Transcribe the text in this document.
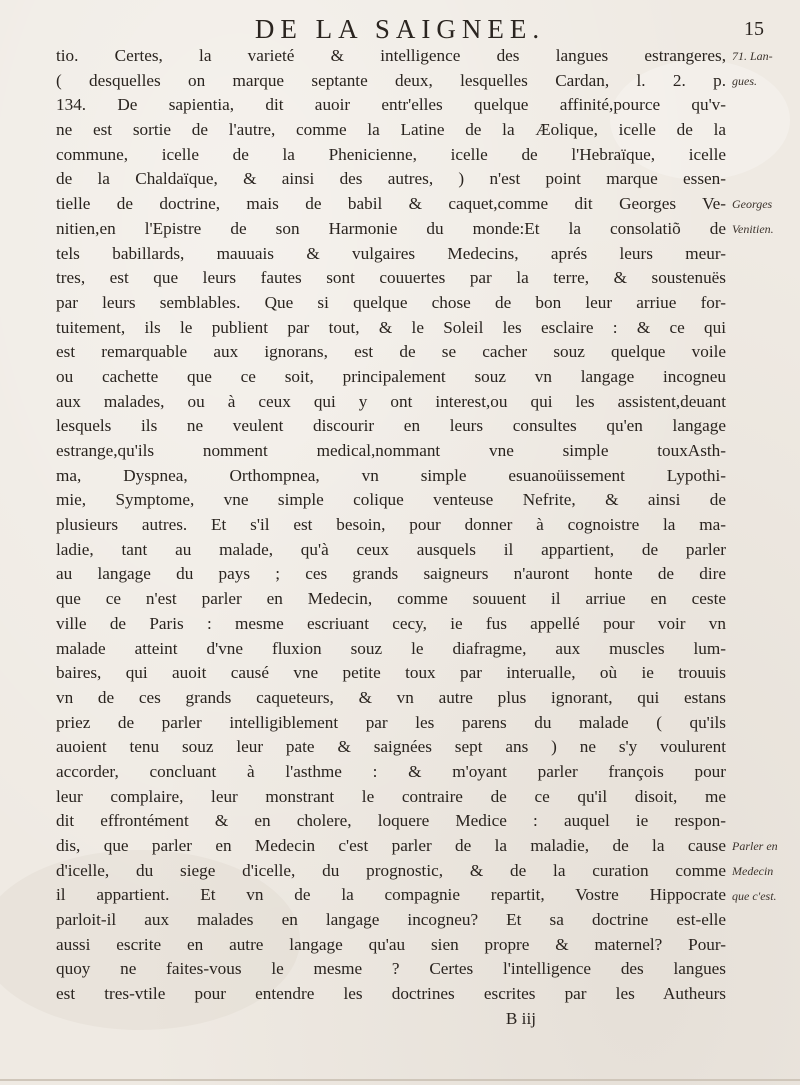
DE LA SAIGNEE.	15
tio. Certes, la varieté & intelligence des langues estrangeres,
( desquelles on marque septante deux, lesquelles Cardan, l. 2. p.
134. De sapientia, dit auoir entr'elles quelque affinité,pource qu'v-
ne est sortie de l'autre, comme la Latine de la Æolique, icelle de la
commune, icelle de la Phenicienne, icelle de l'Hebraïque, icelle
de la Chaldaïque, & ainsi des autres, ) n'est point marque essen-
tielle de doctrine, mais de babil & caquet,comme dit Georges Ve-
nitien,en l'Epistre de son Harmonie du monde:Et la consolatiõ de
tels babillards, mauuais & vulgaires Medecins, aprés leurs meur-
tres, est que leurs fautes sont couuertes par la terre, & soustenuës
par leurs semblables. Que si quelque chose de bon leur arriue for-
tuitement, ils le publient par tout, & le Soleil les esclaire : & ce qui
est remarquable aux ignorans, est de se cacher souz quelque voile
ou cachette que ce soit, principalement souz vn langage incogneu
aux malades, ou à ceux qui y ont interest,ou qui les assistent,deuant
lesquels ils ne veulent discourir en leurs consultes qu'en langage
estrange,qu'ils nomment medical,nommant vne simple touxAsth-
ma, Dyspnea, Orthompnea, vn simple esuanoüissement Lypothi-
mie, Symptome, vne simple colique venteuse Nefrite, & ainsi de
plusieurs autres. Et s'il est besoin, pour donner à cognoistre la ma-
ladie, tant au malade, qu'à ceux ausquels il appartient, de parler
au langage du pays ; ces grands saigneurs n'auront honte de dire
que ce n'est parler en Medecin, comme souuent il arriue en ceste
ville de Paris : mesme escriuant cecy, ie fus appellé pour voir vn
malade atteint d'vne fluxion souz le diafragme, aux muscles lum-
baires, qui auoit causé vne petite toux par interualle, où ie trouuis
vn de ces grands caqueteurs, & vn autre plus ignorant, qui estans
priez de parler intelligiblement par les parens du malade ( qu'ils
auoient tenu souz leur pate & saignées sept ans ) ne s'y voulurent
accorder, concluant à l'asthme : & m'oyant parler françois pour
leur complaire, leur monstrant le contraire de ce qu'il disoit, me
dit effrontément & en cholere, loquere Medice : auquel ie respon-
dis, que parler en Medecin c'est parler de la maladie, de la cause
d'icelle, du siege d'icelle, du prognostic, & de la curation comme
il appartient. Et vn de la compagnie repartit, Vostre Hippocrate
parloit-il aux malades en langage incogneu? Et sa doctrine est-elle
aussi escrite en autre langage qu'au sien propre & maternel? Pour-
quoy ne faites-vous le mesme ? Certes l'intelligence des langues
est tres-vtile pour entendre les doctrines escrites par les Autheurs
B iij
71. Lan-
gues.
Georges
Venitien.
Parler en
Medecin
que c'est.
